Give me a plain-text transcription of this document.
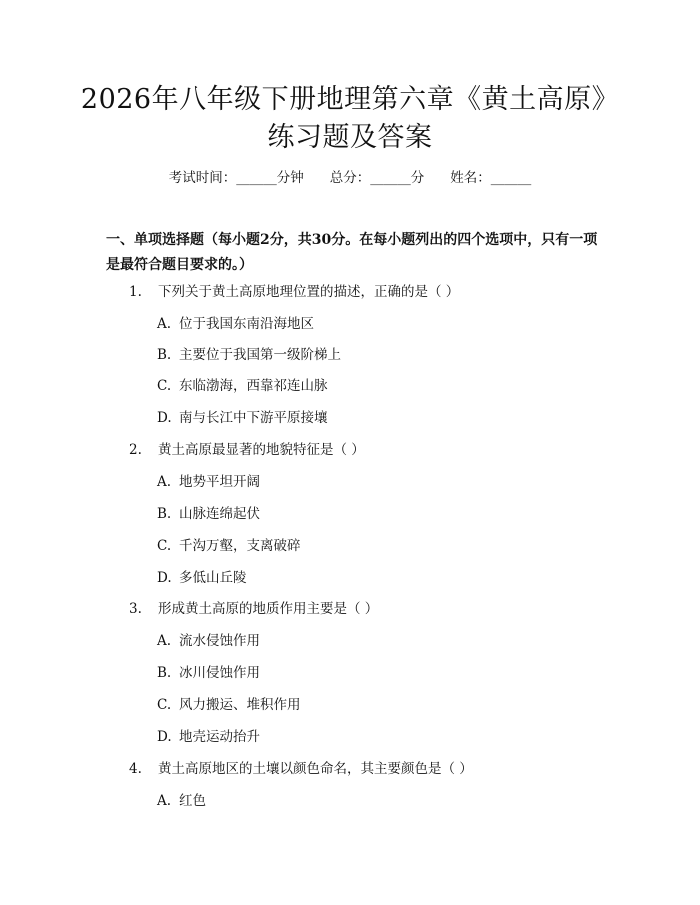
2026年八年级下册地理第六章《黄土高原》
练习题及答案
考试时间：______分钟 总分：______分 姓名：______
一、单项选择题（每小题2分，共30分。在每小题列出的四个选项中，只有一项
是最符合题目要求的。）
1. 下列关于黄土高原地理位置的描述，正确的是（ ）
A. 位于我国东南沿海地区
B. 主要位于我国第一级阶梯上
C. 东临渤海，西靠祁连山脉
D. 南与长江中下游平原接壤
2. 黄土高原最显著的地貌特征是（ ）
A. 地势平坦开阔
B. 山脉连绵起伏
C. 千沟万壑，支离破碎
D. 多低山丘陵
3. 形成黄土高原的地质作用主要是（ ）
A. 流水侵蚀作用
B. 冰川侵蚀作用
C. 风力搬运、堆积作用
D. 地壳运动抬升
4. 黄土高原地区的土壤以颜色命名，其主要颜色是（ ）
A. 红色
